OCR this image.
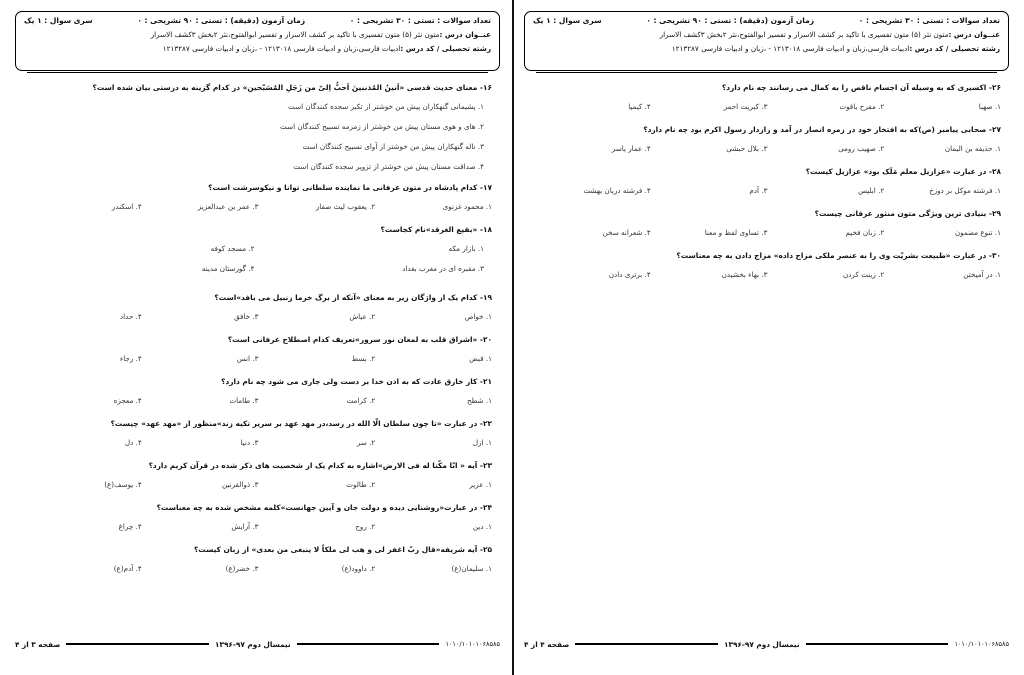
تعداد سوالات : تستی : ۳۰ تشریحی : ۰
زمان آزمون (دقیقه) : تستی : ۹۰ تشریحی : ۰
سری سوال : ۱ یک
عنــوان درس :متون نثر (۵) متون تفسیری با تاکید بر کشف الاسرار و تفسیر ابوالفتوح،نثر ۲بخش ۳کشف الاسرار
رشته تحصیلی / کد درس :ادبیات فارسی،زبان و ادبیات فارسی ۱۲۱۳۰۱۸ - ،زبان و ادبیات فارسی ۱۲۱۳۲۸۷
۱۶- معنای حدیث قدسی «اَنینُ المُذنبینَ اَحبُّ اِلیّ من زَجَلِ المُسَبّحین» در کدام گزینه به درستی بیان شده است؟
۱. پشیمانی گنهکاران پیش من خوشتر از تکبر سجده کنندگان است
۲. های و هوی مستان پیش من خوشتر از زمزمه تسبیح کنندگان است
۳. ناله گنهکاران پیش من خوشتر از آوای تسبیح کنندگان است
۴. صداقت مستان پیش من خوشتر از تزویر سجده کنندگان است
۱۷- کدام پادشاه در متون عرفانی ما نماینده سلطانی توانا و نیکوسرشت است؟
۱. محمود غزنوی
۲. یعقوب لیث صفار
۳. عمر بن عبدالعزیز
۴. اسکندر
۱۸- «بقیع الغرقد»نام کجاست؟
۱. بازار مکه
۲. مسجد کوفه
۳. مقبره ای در مغرب بغداد
۴. گورستان مدینه
۱۹- کدام یک از واژگان زیر به معنای «آنکه از برگ خرما زنبیل می بافد»است؟
۱. خواص
۲. عیاش
۳. خافق
۴. حداد
۲۰- «اشراق قلب به لمعان نور سرور»تعریف کدام اصطلاح عرفانی است؟
۱. قبض
۲. بسط
۳. انس
۴. رجاء
۲۱- کار خارق عادت که به اذن خدا بر دست ولی جاری می شود چه نام دارد؟
۱. شطح
۲. کرامت
۳. طامات
۴. معجزه
۲۲- در عبارت «تا چون سلطان الّا الله در رسد،در مهد عهد بر سریر تکیه زند»منظور از «مهد عهد» چیست؟
۱. ازل
۲. سر
۳. دنیا
۴. دل
۲۳- آیه « انّا مکّنا له فی الارض»اشاره به کدام یک از شخصیت های ذکر شده در قرآن کریم دارد؟
۱. عزیر
۲. طالوت
۳. ذوالقرنین
۴. یوسف(ع)
۲۴- در عبارت«روشنایی دیده و دولت جان و آیین جهانست»کلمه مشخص شده به چه معناست؟
۱. دین
۲. روح
۳. آرایش
۴. چراغ
۲۵- آیه شریفه«قال ربّ اغفر لی و هب لی ملکاً لا ینبغی من بعدی» از زبان کیست؟
۱. سلیمان(ع)
۲. داوود(ع)
۳. خضر(ع)
۴. آدم(ع)
۱۰۱۰/۱۰۱۰۱۰۶۸۵۸۵
نیمسال دوم ۹۷-۱۳۹۶
صفحه ۳ از ۴
تعداد سوالات : تستی : ۳۰ تشریحی : ۰
زمان آزمون (دقیقه) : تستی : ۹۰ تشریحی : ۰
سری سوال : ۱ یک
عنــوان درس :متون نثر (۵) متون تفسیری با تاکید بر کشف الاسرار و تفسیر ابوالفتوح،نثر ۲بخش ۳کشف الاسرار
رشته تحصیلی / کد درس :ادبیات فارسی،زبان و ادبیات فارسی ۱۲۱۳۰۱۸ - ،زبان و ادبیات فارسی ۱۲۱۳۲۸۷
۲۶- اکسیری که به وسیله آن اجسام ناقص را به کمال می رسانند چه نام دارد؟
۱. صهبا
۲. مفرح یاقوت
۳. کبریت احمر
۴. کیمیا
۲۷- صحابی پیامبر (ص)که به افتخار خود در زمره انصار در آمد و رازدار رسول اکرم بود چه نام دارد؟
۱. حذیفه بن الیمان
۲. صهیب رومی
۳. بلال حبشی
۴. عمار یاسر
۲۸- در عبارت «عزازیل معلم مَلَک بود» عزازیل کیست؟
۱. فرشته موکل بر دوزخ
۲. ابلیس
۳. آدم
۴. فرشته دربان بهشت
۲۹- بنیادی ترین ویژگی متون منثور عرفانی چیست؟
۱. تنوع مضمون
۲. زبان فخیم
۳. تساوی لفظ و معنا
۴. شعرانه سخن
۳۰- در عبارت «طبیعت بشریّت وی را به عنصر ملکی مزاج داده» مزاج دادن به چه معناست؟
۱. در آمیختن
۲. زینت کردن
۳. بهاء بخشیدن
۴. برتری دادن
۱۰۱۰/۱۰۱۰۱۰۶۸۵۸۵
نیمسال دوم ۹۷-۱۳۹۶
صفحه ۴ از ۴
